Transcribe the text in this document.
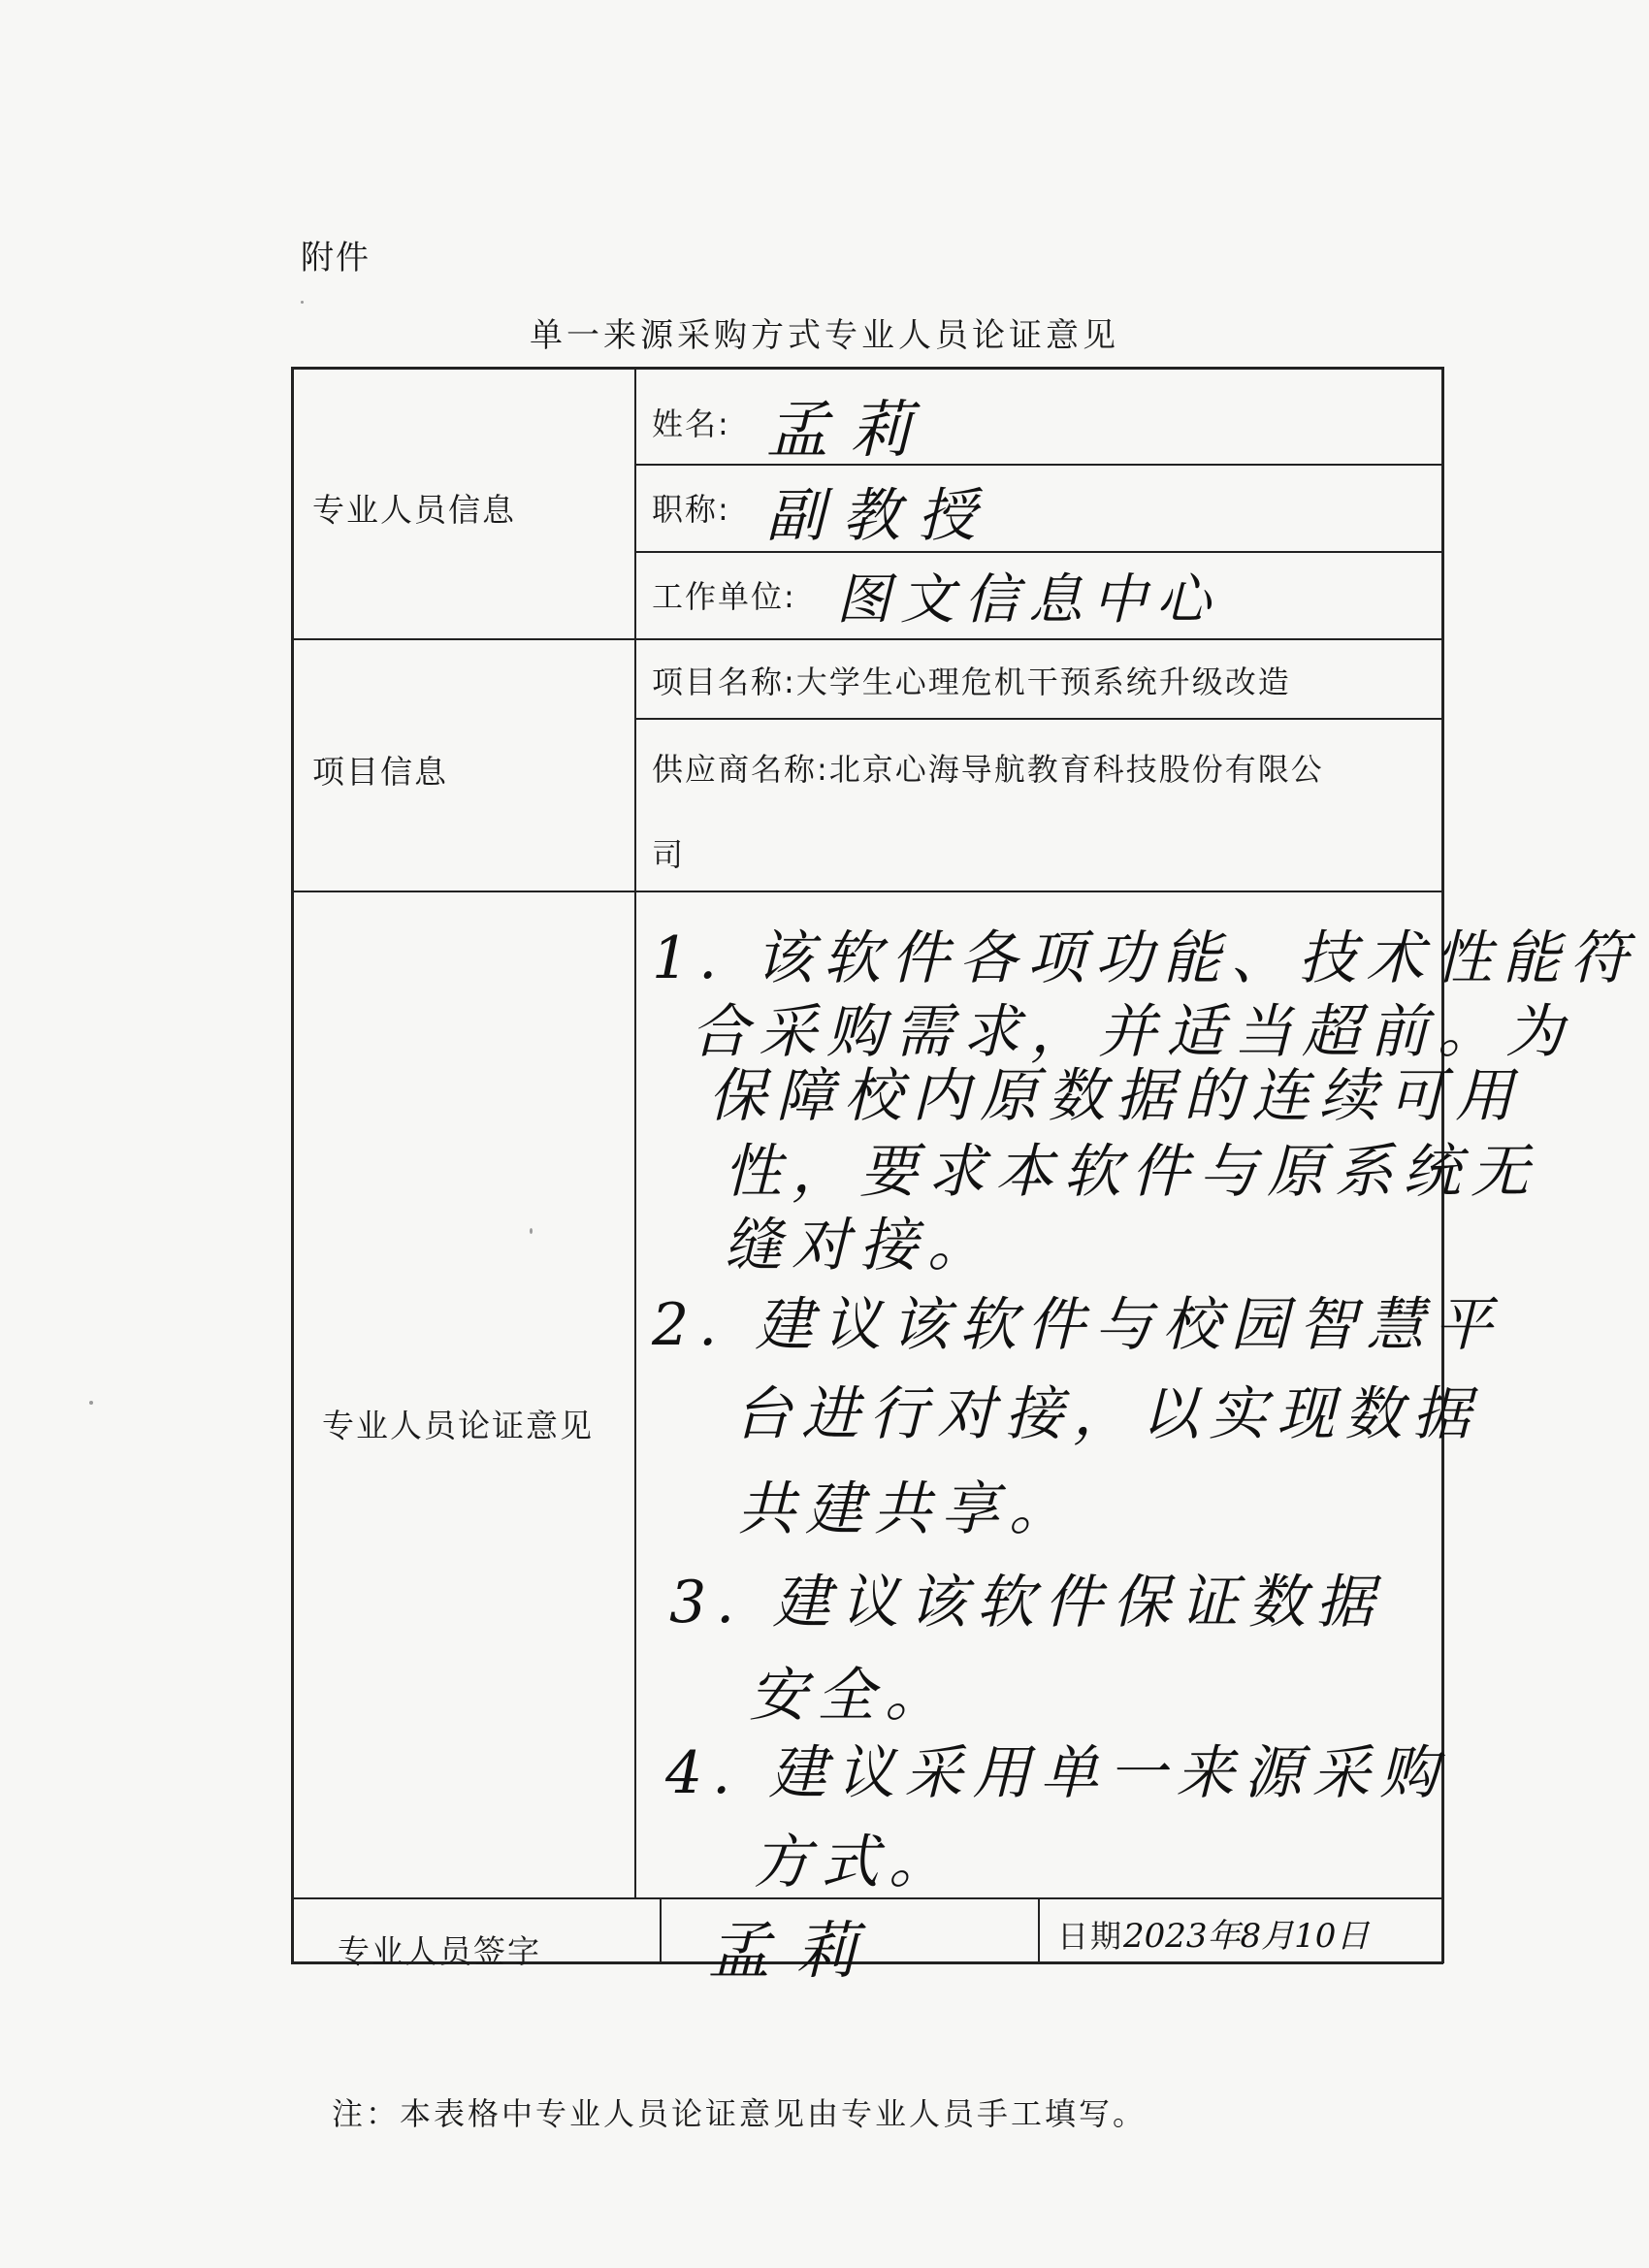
附件
单一来源采购方式专业人员论证意见
专业人员信息
姓名: 孟莉
职称: 副教授
工作单位: 图文信息中心
项目信息
项目名称:大学生心理危机干预系统升级改造
供应商名称:北京心海导航教育科技股份有限公
司
专业人员论证意见
1. 该软件各项功能、技术性能符
合采购需求，并适当超前。为
保障校内原数据的连续可用
性，要求本软件与原系统无
缝对接。
2. 建议该软件与校园智慧平
台进行对接，以实现数据
共建共享。
3. 建议该软件保证数据
安全。
4. 建议采用单一来源采购
方式。
专业人员签字	孟莉	日期2023年8月10日
注：本表格中专业人员论证意见由专业人员手工填写。
